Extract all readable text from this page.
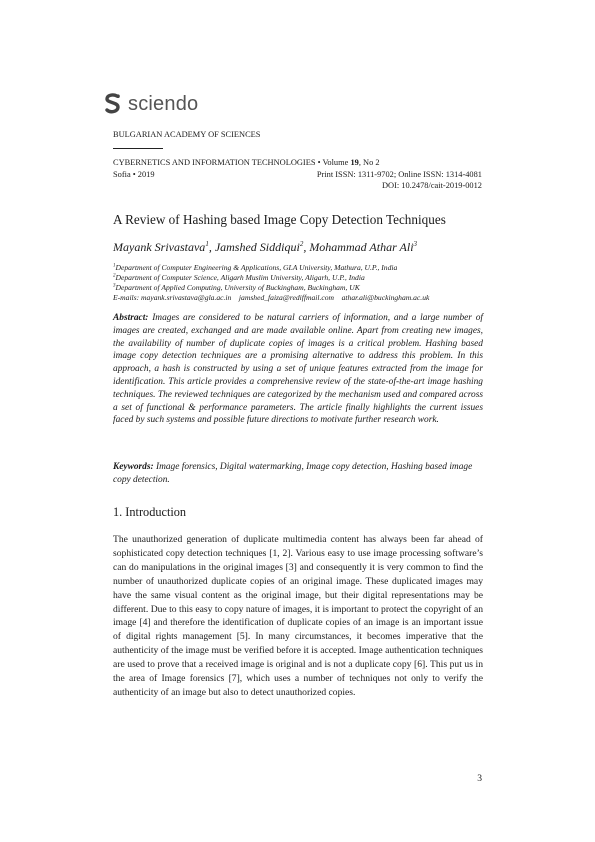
sciendo
BULGARIAN ACADEMY OF SCIENCES
CYBERNETICS AND INFORMATION TECHNOLOGIES • Volume 19, No 2
Sofia • 2019	Print ISSN: 1311-9702; Online ISSN: 1314-4081
DOI: 10.2478/cait-2019-0012
A Review of Hashing based Image Copy Detection Techniques
Mayank Srivastava$^1$, Jamshed Siddiqui$^2$, Mohammad Athar Ali$^3$
$^1$Department of Computer Engineering & Applications, GLA University, Mathura, U.P., India
$^2$Department of Computer Science, Aligarh Muslim University, Aligarh, U.P., India
$^3$Department of Applied Computing, University of Buckingham, Buckingham, UK
E-mails: mayank.srivastava@gla.ac.in    jamshed_faiza@rediffmail.com    athar.ali@buckingham.ac.uk
Abstract: Images are considered to be natural carriers of information, and a large number of images are created, exchanged and are made available online. Apart from creating new images, the availability of number of duplicate copies of images is a critical problem. Hashing based image copy detection techniques are a promising alternative to address this problem. In this approach, a hash is constructed by using a set of unique features extracted from the image for identification. This article provides a comprehensive review of the state-of-the-art image hashing techniques. The reviewed techniques are categorized by the mechanism used and compared across a set of functional & performance parameters. The article finally highlights the current issues faced by such systems and possible future directions to motivate further research work.
Keywords: Image forensics, Digital watermarking, Image copy detection, Hashing based image copy detection.
1. Introduction
The unauthorized generation of duplicate multimedia content has always been far ahead of sophisticated copy detection techniques [1, 2]. Various easy to use image processing software’s can do manipulations in the original images [3] and consequently it is very common to find the number of unauthorized duplicate copies of an original image. These duplicated images may have the same visual content as the original image, but their digital representations may be different. Due to this easy to copy nature of images, it is important to protect the copyright of an image [4] and therefore the identification of duplicate copies of an image is an important issue of digital rights management [5]. In many circumstances, it becomes imperative that the authenticity of the image must be verified before it is accepted. Image authentication techniques are used to prove that a received image is original and is not a duplicate copy [6]. This put us in the area of Image forensics [7], which uses a number of techniques not only to verify the authenticity of an image but also to detect unauthorized copies.
3
